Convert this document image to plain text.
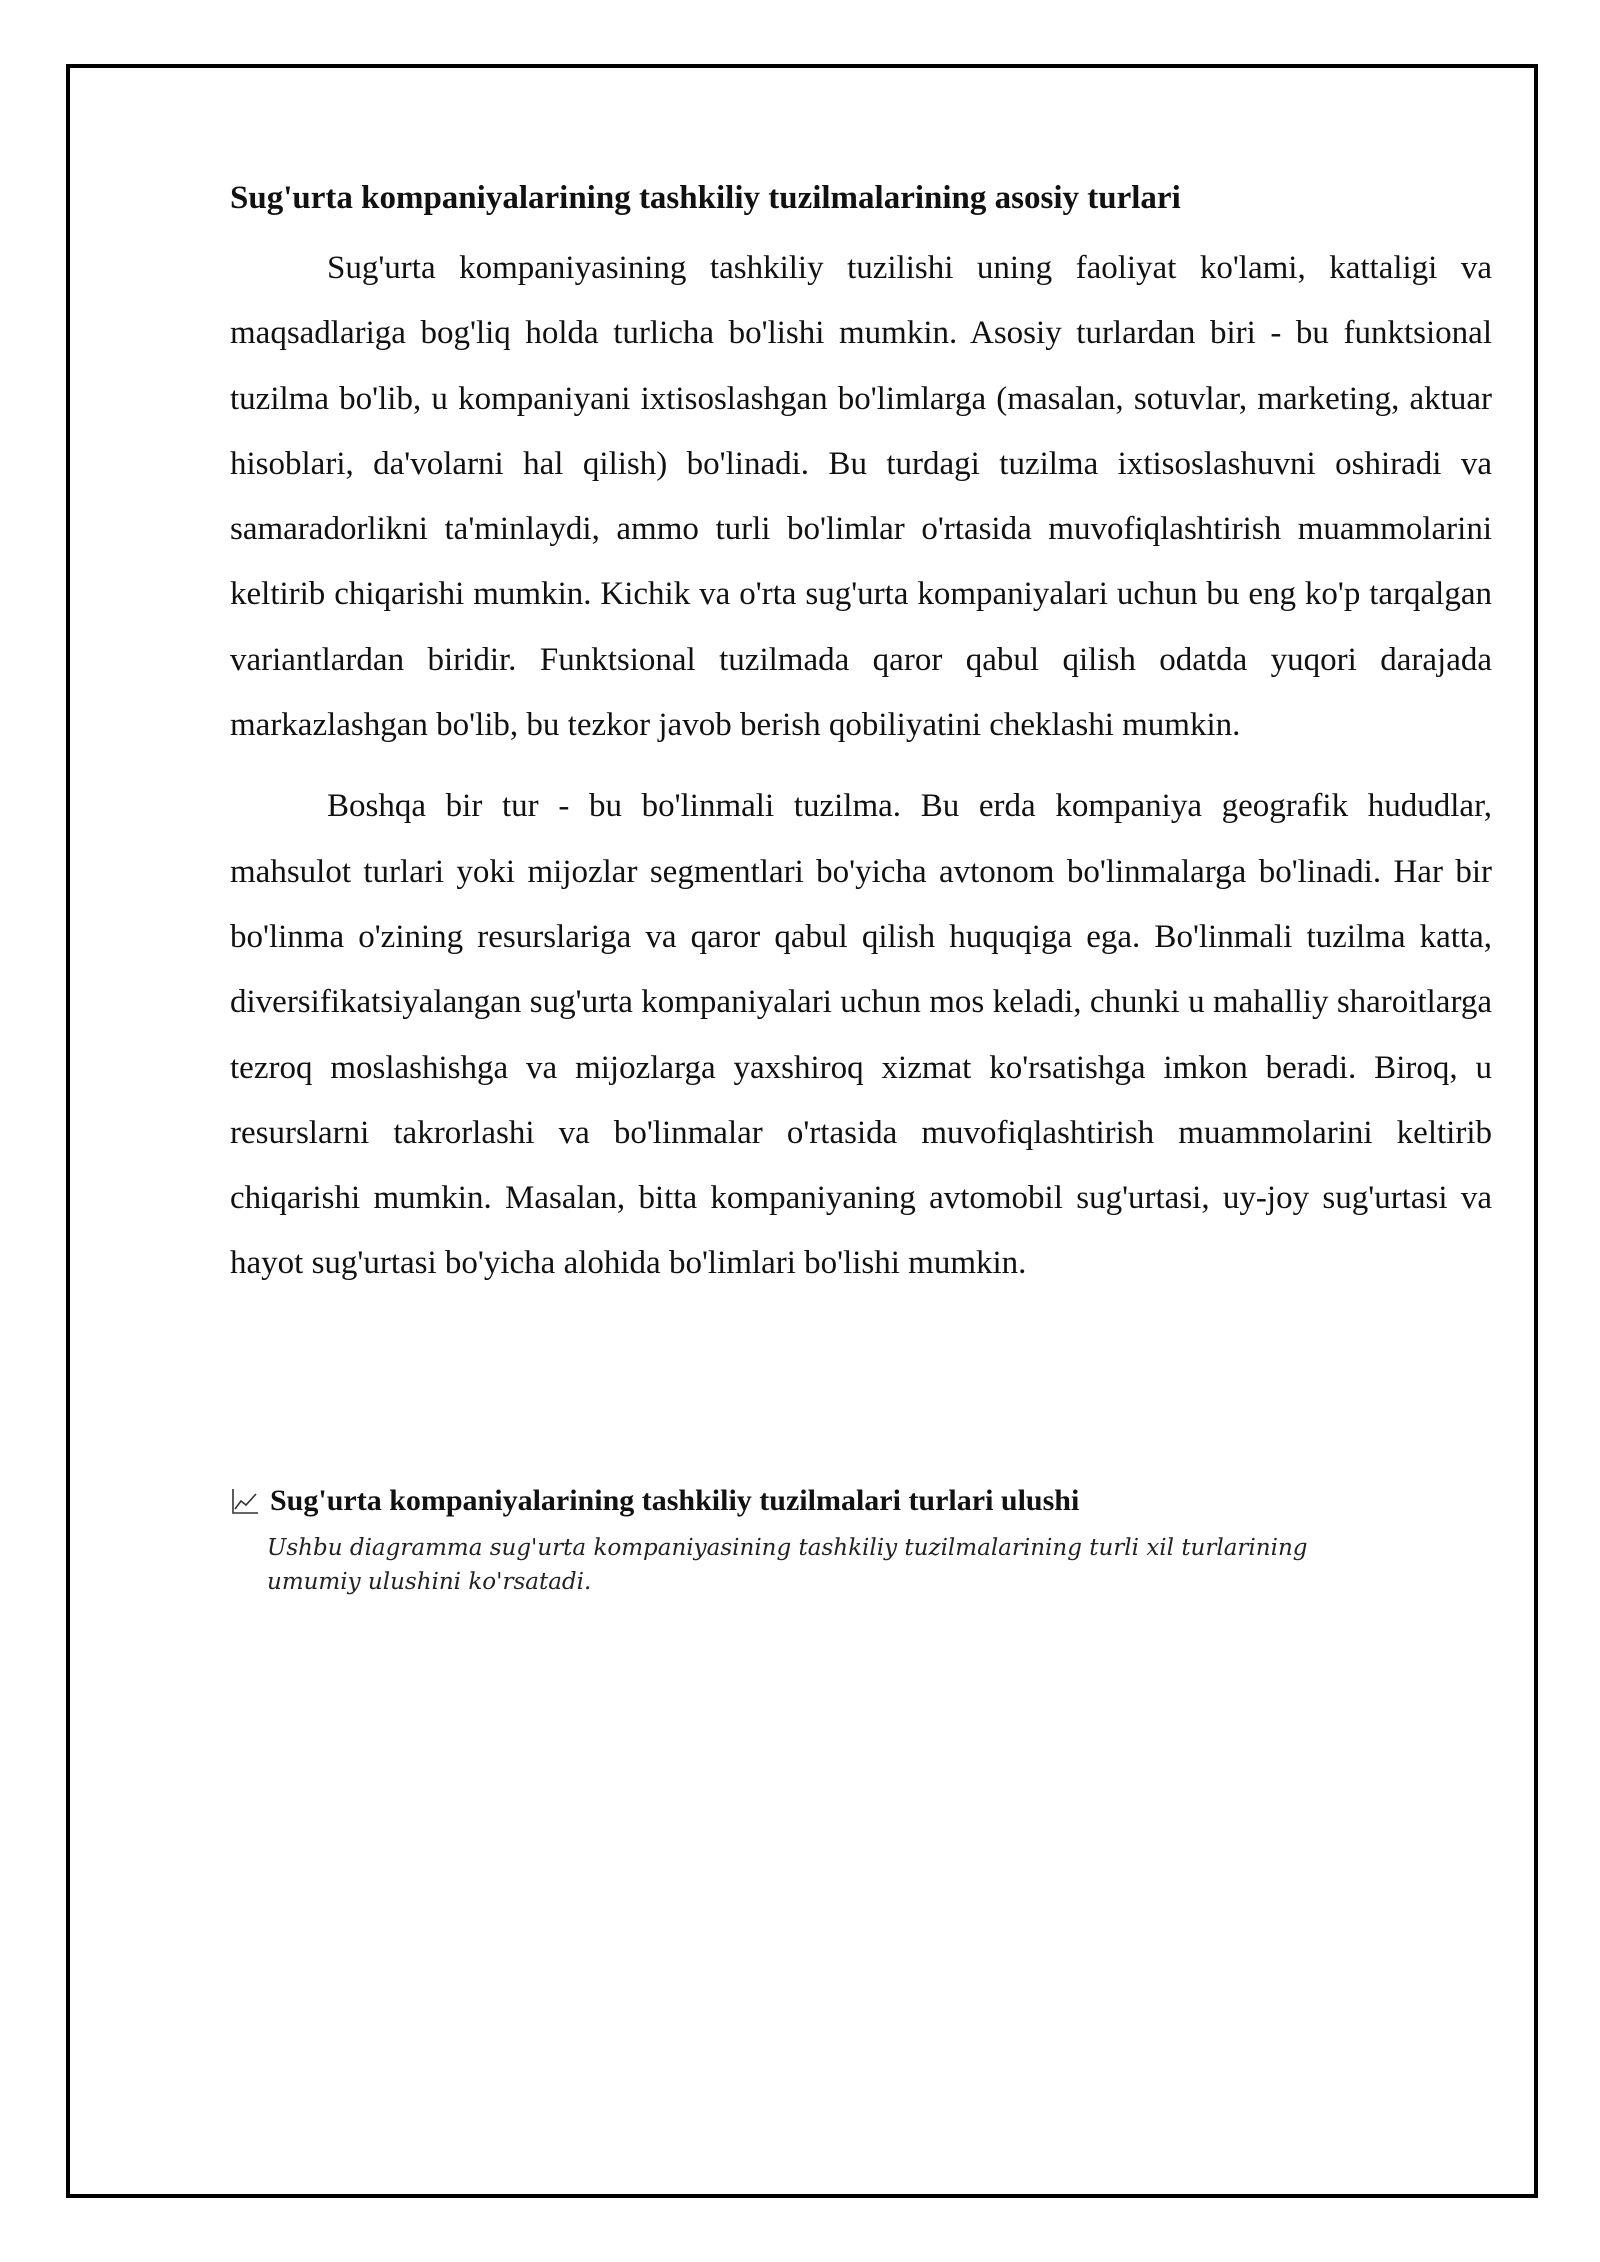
Sug'urta kompaniyalarining tashkiliy tuzilmalarining asosiy turlari

Sug'urta kompaniyasining tashkiliy tuzilishi uning faoliyat ko'lami, kattaligi va maqsadlariga bog'liq holda turlicha bo'lishi mumkin. Asosiy turlardan biri - bu funktsional tuzilma bo'lib, u kompaniyani ixtisoslashgan bo'limlarga (masalan, sotuvlar, marketing, aktuar hisoblari, da'volarni hal qilish) bo'linadi. Bu turdagi tuzilma ixtisoslashuvni oshiradi va samaradorlikni ta'minlaydi, ammo turli bo'limlar o'rtasida muvofiqlashtirish muammolarini keltirib chiqarishi mumkin. Kichik va o'rta sug'urta kompaniyalari uchun bu eng ko'p tarqalgan variantlardan biridir. Funktsional tuzilmada qaror qabul qilish odatda yuqori darajada markazlashgan bo'lib, bu tezkor javob berish qobiliyatini cheklashi mumkin.

Boshqa bir tur - bu bo'linmali tuzilma. Bu erda kompaniya geografik hududlar, mahsulot turlari yoki mijozlar segmentlari bo'yicha avtonom bo'linmalarga bo'linadi. Har bir bo'linma o'zining resurslariga va qaror qabul qilish huquqiga ega. Bo'linmali tuzilma katta, diversifikatsiyalangan sug'urta kompaniyalari uchun mos keladi, chunki u mahalliy sharoitlarga tezroq moslashishga va mijozlarga yaxshiroq xizmat ko'rsatishga imkon beradi. Biroq, u resurslarni takrorlashi va bo'linmalar o'rtasida muvofiqlashtirish muammolarini keltirib chiqarishi mumkin. Masalan, bitta kompaniyaning avtomobil sug'urtasi, uy-joy sug'urtasi va hayot sug'urtasi bo'yicha alohida bo'limlari bo'lishi mumkin.

Sug'urta kompaniyalarining tashkiliy tuzilmalari turlari ulushi
Ushbu diagramma sug'urta kompaniyasining tashkiliy tuzilmalarining turli xil turlarining umumiy ulushini ko'rsatadi.
